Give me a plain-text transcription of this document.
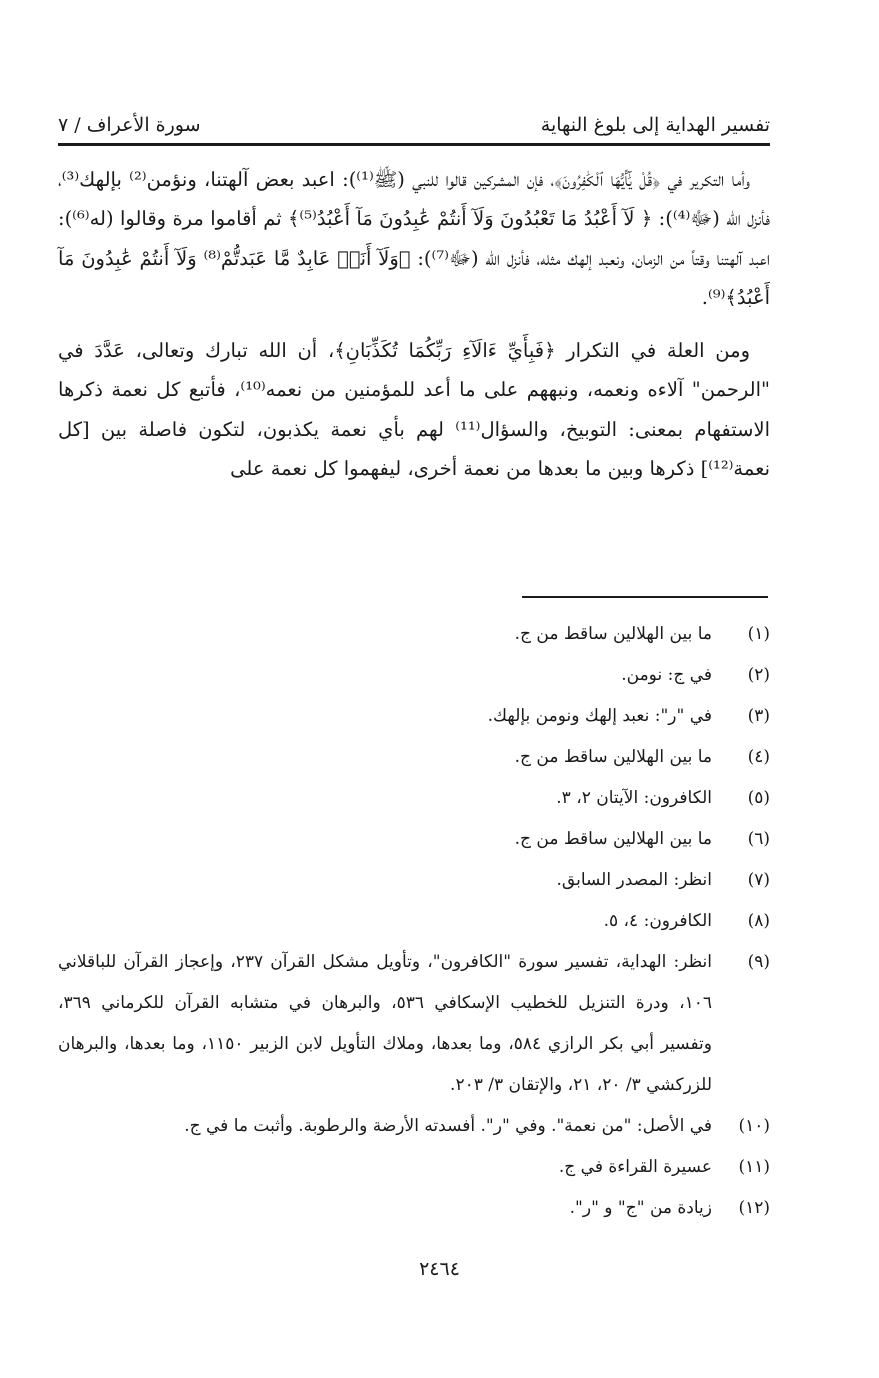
تفسير الهداية إلى بلوغ النهاية
سورة الأعراف / ٧

وأما التكرير في ﴿قُلْ يَٰٓأَيُّهَا ٱلْكَٰفِرُونَ﴾، فإن المشركين قالوا للنبي (ﷺ⁽¹⁾): اعبد بعض آلهتنا، ونؤمن⁽²⁾ بإلهك⁽³⁾، فأنزل الله (ﷻ⁽⁴⁾): ﴿ لَآ أَعْبُدُ مَا تَعْبُدُونَ وَلَآ أَنتُمْ عَٰبِدُونَ مَآ أَعْبُدُ⁽⁵⁾﴾ ثم أقاموا مرة وقالوا (له⁽⁶⁾): اعبد آلهتنا وقتاً من الزمان، ونعبد إلهك مثله، فأنزل الله (ﷻ⁽⁷⁾): ﴿وَلَآ أَنَا۠ عَابِدٌ مَّا عَبَدتُّمْ⁽⁸⁾ وَلَآ أَنتُمْ عَٰبِدُونَ مَآ أَعْبُدُ﴾⁽⁹⁾.

ومن العلة في التكرار ﴿فَبِأَيِّ ءَالَآءِ رَبِّكُمَا تُكَذِّبَانِ﴾، أن الله تبارك وتعالى، عَدَّدَ في "الرحمن" آلاءه ونعمه، ونبههم على ما أعد للمؤمنين من نعمه⁽¹⁰⁾، فأتبع كل نعمة ذكرها الاستفهام بمعنى: التوبيخ، والسؤال⁽¹¹⁾ لهم بأي نعمة يكذبون، لتكون فاصلة بين [كل نعمة⁽¹²⁾] ذكرها وبين ما بعدها من نعمة أخرى، ليفهموا كل نعمة على

(١)
ما بين الهلالين ساقط من ج.
(٢)
في ج: نومن.
(٣)
في "ر": نعبد إلهك ونومن بإلهك.
(٤)
ما بين الهلالين ساقط من ج.
(٥)
الكافرون: الآيتان ٢، ٣.
(٦)
ما بين الهلالين ساقط من ج.
(٧)
انظر: المصدر السابق.
(٨)
الكافرون: ٤، ٥.
(٩)
انظر: الهداية، تفسير سورة "الكافرون"، وتأويل مشكل القرآن ٢٣٧، وإعجاز القرآن للباقلاني ١٠٦، ودرة التنزيل للخطيب الإسكافي ٥٣٦، والبرهان في متشابه القرآن للكرماني ٣٦٩، وتفسير أبي بكر الرازي ٥٨٤، وما بعدها، وملاك التأويل لابن الزبير ١١٥٠، وما بعدها، والبرهان للزركشي ٣/ ٢٠، ٢١، والإتقان ٣/ ٢٠٣.
(١٠)
في الأصل: "من نعمة". وفي "ر". أفسدته الأرضة والرطوبة. وأثبت ما في ج.
(١١)
عسيرة القراءة في ج.
(١٢)
زيادة من "ج" و "ر".
٢٤٦٤
